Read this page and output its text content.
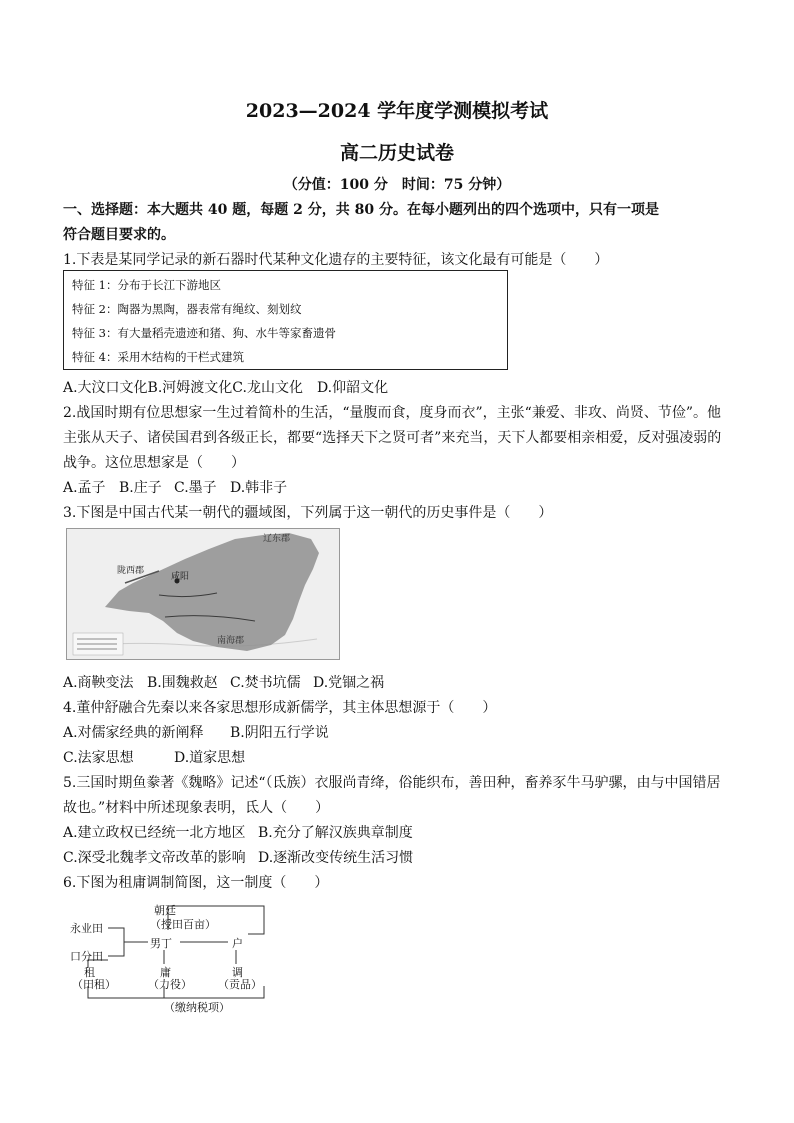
2023—2024 学年度学测模拟考试
高二历史试卷
（分值：100 分　时间：75 分钟）
一、选择题：本大题共 40 题，每题 2 分，共 80 分。在每小题列出的四个选项中，只有一项是
符合题目要求的。
1.下表是某同学记录的新石器时代某种文化遗存的主要特征，该文化最有可能是（　　）
特征 1：分布于长江下游地区
特征 2：陶器为黑陶，器表常有绳纹、刻划纹
特征 3：有大量稻壳遗迹和猪、狗、水牛等家畜遗骨
特征 4：采用木结构的干栏式建筑
A.大汶口文化B.河姆渡文化C.龙山文化　D.仰韶文化
2.战国时期有位思想家一生过着简朴的生活，“量腹而食，度身而衣”，主张“兼爱、非攻、尚贤、节俭”。他
主张从天子、诸侯国君到各级正长，都要“选择天下之贤可者”来充当，天下人都要相亲相爱，反对强凌弱的
战争。这位思想家是（　　）
A.孟子 B.庄子 C.墨子 D.韩非子
3.下图是中国古代某一朝代的疆域图，下列属于这一朝代的历史事件是（　　）
辽东郡
陇西郡
咸阳
南海郡
A.商鞅变法 B.围魏救赵 C.焚书坑儒 D.党锢之祸
4.董仲舒融合先秦以来各家思想形成新儒学，其主体思想源于（　　）
A.对儒家经典的新阐释 B.阴阳五行学说
C.法家思想	D.道家思想
5.三国时期鱼豢著《魏略》记述“（氐族）衣服尚青绛，俗能织布，善田种，畜养豕牛马驴骡，由与中国错居
故也。”材料中所述现象表明，氐人（　　）
A.建立政权已经统一北方地区 B.充分了解汉族典章制度
C.深受北魏孝文帝改革的影响 D.逐渐改变传统生活习惯
6.下图为租庸调制简图，这一制度（　　）
朝廷
（授田百亩）
永业田
口分田
男丁	户
租
（田租）
庸
（力役）
调
（贡品）
（缴纳税项）
